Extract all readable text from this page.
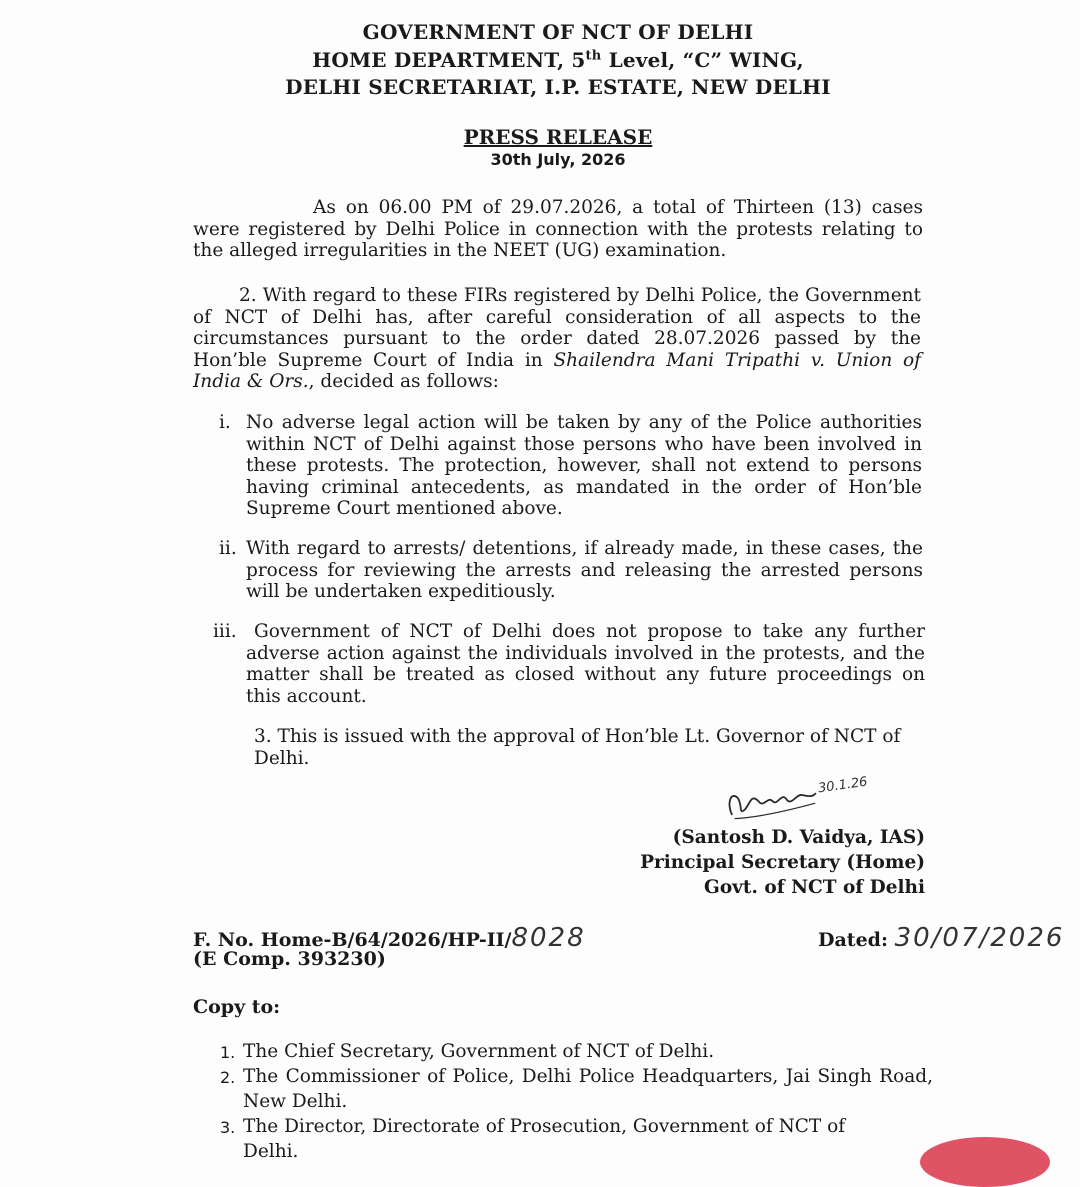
GOVERNMENT OF NCT OF DELHI
HOME DEPARTMENT, 5th Level, “C” WING,
DELHI SECRETARIAT, I.P. ESTATE, NEW DELHI
PRESS RELEASE
30th July, 2026

As on 06.00 PM of 29.07.2026, a total of Thirteen (13) cases were registered by Delhi Police in connection with the protests relating to the alleged irregularities in the NEET (UG) examination.

2. With regard to these FIRs registered by Delhi Police, the Government of NCT of Delhi has, after careful consideration of all aspects to the circumstances pursuant to the order dated 28.07.2026 passed by the Hon’ble Supreme Court of India in Shailendra Mani Tripathi v. Union of India & Ors., decided as follows:

i. No adverse legal action will be taken by any of the Police authorities within NCT of Delhi against those persons who have been involved in these protests. The protection, however, shall not extend to persons having criminal antecedents, as mandated in the order of Hon’ble Supreme Court mentioned above.

ii. With regard to arrests/ detentions, if already made, in these cases, the process for reviewing the arrests and releasing the arrested persons will be undertaken expeditiously.

iii. Government of NCT of Delhi does not propose to take any further adverse action against the individuals involved in the protests, and the matter shall be treated as closed without any future proceedings on this account.

3. This is issued with the approval of Hon’ble Lt. Governor of NCT of Delhi.

30.1.26
(Santosh D. Vaidya, IAS)
Principal Secretary (Home)
Govt. of NCT of Delhi
F. No. Home-B/64/2026/HP-II/8028
(E Comp. 393230)
Dated: 30/07/2026
Copy to:
1. The Chief Secretary, Government of NCT of Delhi.
2. The Commissioner of Police, Delhi Police Headquarters, Jai Singh Road, New Delhi.
3. The Director, Directorate of Prosecution, Government of NCT of Delhi.
